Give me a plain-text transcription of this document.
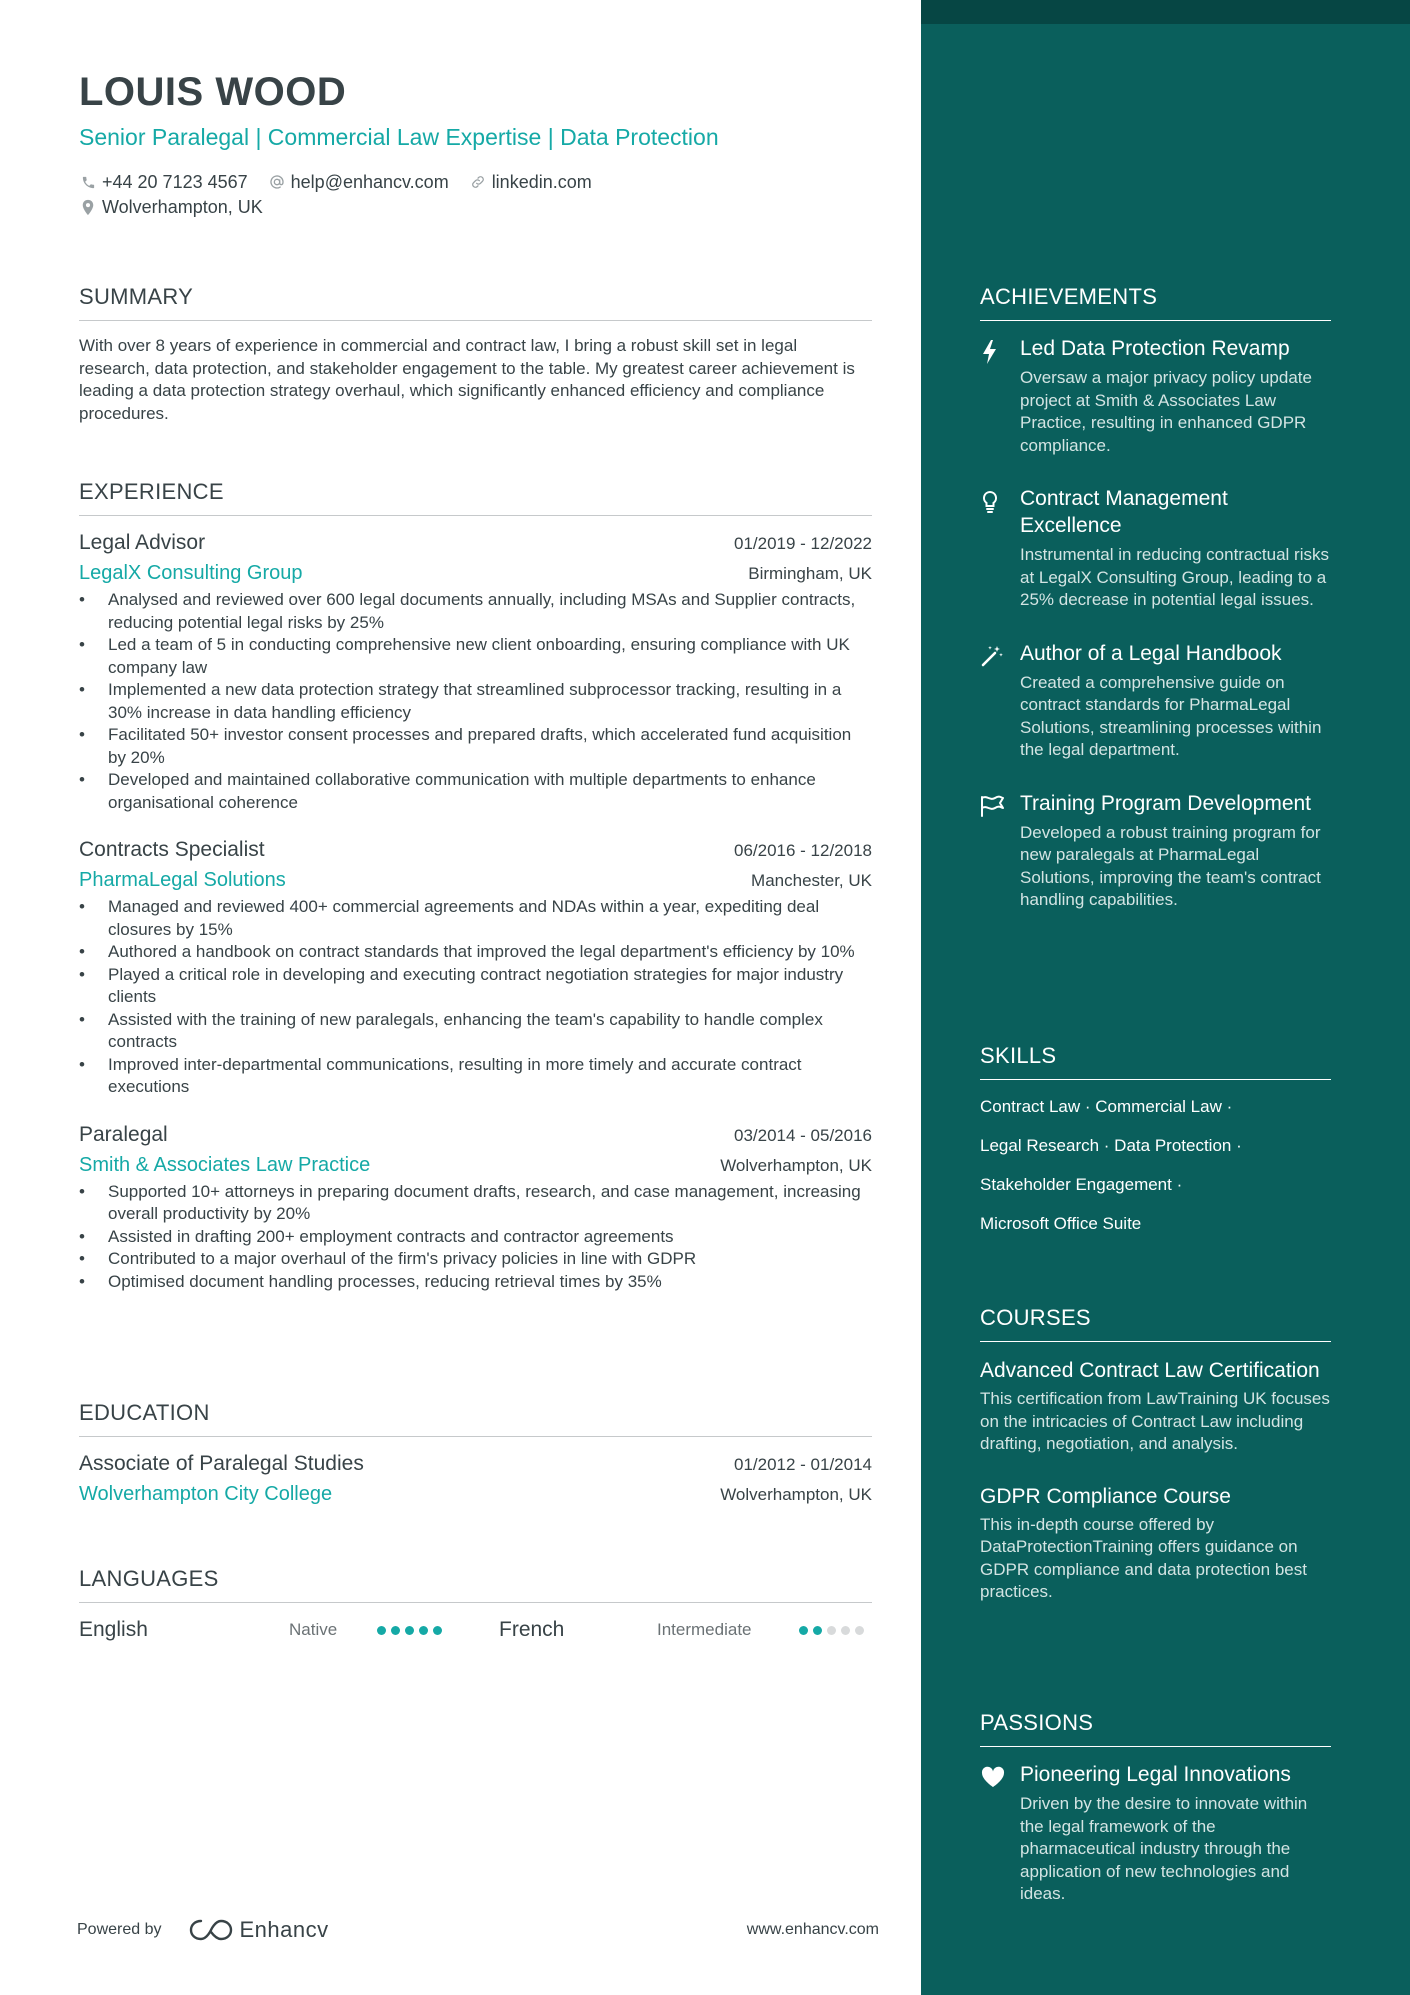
LOUIS WOOD
Senior Paralegal | Commercial Law Expertise | Data Protection
+44 20 7123 4567 help@enhancv.com linkedin.com
Wolverhampton, UK
SUMMARY
With over 8 years of experience in commercial and contract law, I bring a robust skill set in legal research, data protection, and stakeholder engagement to the table. My greatest career achievement is leading a data protection strategy overhaul, which significantly enhanced efficiency and compliance procedures.
EXPERIENCE
Legal Advisor	01/2019 - 12/2022
LegalX Consulting Group	Birmingham, UK
• Analysed and reviewed over 600 legal documents annually, including MSAs and Supplier contracts, reducing potential legal risks by 25%
• Led a team of 5 in conducting comprehensive new client onboarding, ensuring compliance with UK company law
• Implemented a new data protection strategy that streamlined subprocessor tracking, resulting in a 30% increase in data handling efficiency
• Facilitated 50+ investor consent processes and prepared drafts, which accelerated fund acquisition by 20%
• Developed and maintained collaborative communication with multiple departments to enhance organisational coherence
Contracts Specialist	06/2016 - 12/2018
PharmaLegal Solutions	Manchester, UK
• Managed and reviewed 400+ commercial agreements and NDAs within a year, expediting deal closures by 15%
• Authored a handbook on contract standards that improved the legal department's efficiency by 10%
• Played a critical role in developing and executing contract negotiation strategies for major industry clients
• Assisted with the training of new paralegals, enhancing the team's capability to handle complex contracts
• Improved inter-departmental communications, resulting in more timely and accurate contract executions
Paralegal	03/2014 - 05/2016
Smith & Associates Law Practice	Wolverhampton, UK
• Supported 10+ attorneys in preparing document drafts, research, and case management, increasing overall productivity by 20%
• Assisted in drafting 200+ employment contracts and contractor agreements
• Contributed to a major overhaul of the firm's privacy policies in line with GDPR
• Optimised document handling processes, reducing retrieval times by 35%
EDUCATION
Associate of Paralegal Studies	01/2012 - 01/2014
Wolverhampton City College	Wolverhampton, UK
LANGUAGES
English	Native	French	Intermediate
Powered by	Enhancv	www.enhancv.com
ACHIEVEMENTS
Led Data Protection Revamp
Oversaw a major privacy policy update project at Smith & Associates Law Practice, resulting in enhanced GDPR compliance.
Contract Management Excellence
Instrumental in reducing contractual risks at LegalX Consulting Group, leading to a 25% decrease in potential legal issues.
Author of a Legal Handbook
Created a comprehensive guide on contract standards for PharmaLegal Solutions, streamlining processes within the legal department.
Training Program Development
Developed a robust training program for new paralegals at PharmaLegal Solutions, improving the team's contract handling capabilities.
SKILLS
Contract Law · Commercial Law ·
Legal Research · Data Protection ·
Stakeholder Engagement ·
Microsoft Office Suite
COURSES
Advanced Contract Law Certification
This certification from LawTraining UK focuses on the intricacies of Contract Law including drafting, negotiation, and analysis.
GDPR Compliance Course
This in-depth course offered by DataProtectionTraining offers guidance on GDPR compliance and data protection best practices.
PASSIONS
Pioneering Legal Innovations
Driven by the desire to innovate within the legal framework of the pharmaceutical industry through the application of new technologies and ideas.
